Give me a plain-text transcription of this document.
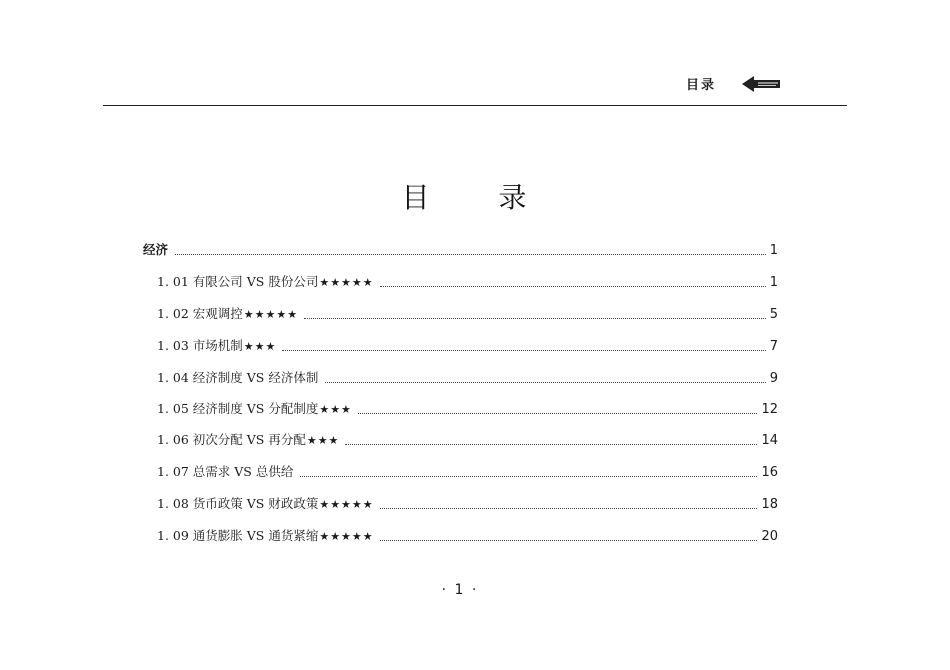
目录
目 录
经济	1
1. 01 有限公司 VS 股份公司 ★★★★★	1
1. 02 宏观调控 ★★★★★	5
1. 03 市场机制 ★★★	7
1. 04 经济制度 VS 经济体制	9
1. 05 经济制度 VS 分配制度 ★★★	12
1. 06 初次分配 VS 再分配 ★★★	14
1. 07 总需求 VS 总供给	16
1. 08 货币政策 VS 财政政策 ★★★★★	18
1. 09 通货膨胀 VS 通货紧缩 ★★★★★	20
· 1 ·
